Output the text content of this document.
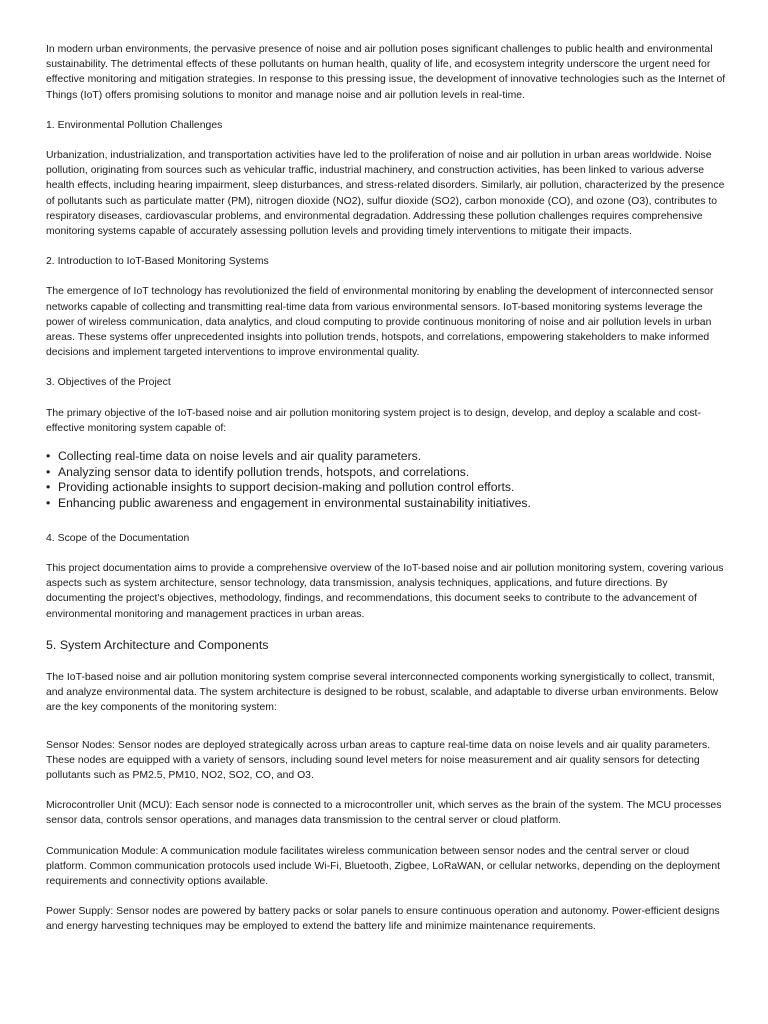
In modern urban environments, the pervasive presence of noise and air pollution poses significant challenges to public health and environmental sustainability. The detrimental effects of these pollutants on human health, quality of life, and ecosystem integrity underscore the urgent need for effective monitoring and mitigation strategies. In response to this pressing issue, the development of innovative technologies such as the Internet of Things (IoT) offers promising solutions to monitor and manage noise and air pollution levels in real-time.

1. Environmental Pollution Challenges

Urbanization, industrialization, and transportation activities have led to the proliferation of noise and air pollution in urban areas worldwide. Noise pollution, originating from sources such as vehicular traffic, industrial machinery, and construction activities, has been linked to various adverse health effects, including hearing impairment, sleep disturbances, and stress-related disorders. Similarly, air pollution, characterized by the presence of pollutants such as particulate matter (PM), nitrogen dioxide (NO2), sulfur dioxide (SO2), carbon monoxide (CO), and ozone (O3), contributes to respiratory diseases, cardiovascular problems, and environmental degradation. Addressing these pollution challenges requires comprehensive monitoring systems capable of accurately assessing pollution levels and providing timely interventions to mitigate their impacts.

2. Introduction to IoT-Based Monitoring Systems

The emergence of IoT technology has revolutionized the field of environmental monitoring by enabling the development of interconnected sensor networks capable of collecting and transmitting real-time data from various environmental sensors. IoT-based monitoring systems leverage the power of wireless communication, data analytics, and cloud computing to provide continuous monitoring of noise and air pollution levels in urban areas. These systems offer unprecedented insights into pollution trends, hotspots, and correlations, empowering stakeholders to make informed decisions and implement targeted interventions to improve environmental quality.

3. Objectives of the Project

The primary objective of the IoT-based noise and air pollution monitoring system project is to design, develop, and deploy a scalable and cost-effective monitoring system capable of:

• Collecting real-time data on noise levels and air quality parameters.
• Analyzing sensor data to identify pollution trends, hotspots, and correlations.
• Providing actionable insights to support decision-making and pollution control efforts.
• Enhancing public awareness and engagement in environmental sustainability initiatives.

4. Scope of the Documentation

This project documentation aims to provide a comprehensive overview of the IoT-based noise and air pollution monitoring system, covering various aspects such as system architecture, sensor technology, data transmission, analysis techniques, applications, and future directions. By documenting the project's objectives, methodology, findings, and recommendations, this document seeks to contribute to the advancement of environmental monitoring and management practices in urban areas.

5. System Architecture and Components

The IoT-based noise and air pollution monitoring system comprise several interconnected components working synergistically to collect, transmit, and analyze environmental data. The system architecture is designed to be robust, scalable, and adaptable to diverse urban environments. Below are the key components of the monitoring system:

Sensor Nodes: Sensor nodes are deployed strategically across urban areas to capture real-time data on noise levels and air quality parameters. These nodes are equipped with a variety of sensors, including sound level meters for noise measurement and air quality sensors for detecting pollutants such as PM2.5, PM10, NO2, SO2, CO, and O3.

Microcontroller Unit (MCU): Each sensor node is connected to a microcontroller unit, which serves as the brain of the system. The MCU processes sensor data, controls sensor operations, and manages data transmission to the central server or cloud platform.

Communication Module: A communication module facilitates wireless communication between sensor nodes and the central server or cloud platform. Common communication protocols used include Wi-Fi, Bluetooth, Zigbee, LoRaWAN, or cellular networks, depending on the deployment requirements and connectivity options available.

Power Supply: Sensor nodes are powered by battery packs or solar panels to ensure continuous operation and autonomy. Power-efficient designs and energy harvesting techniques may be employed to extend the battery life and minimize maintenance requirements.
